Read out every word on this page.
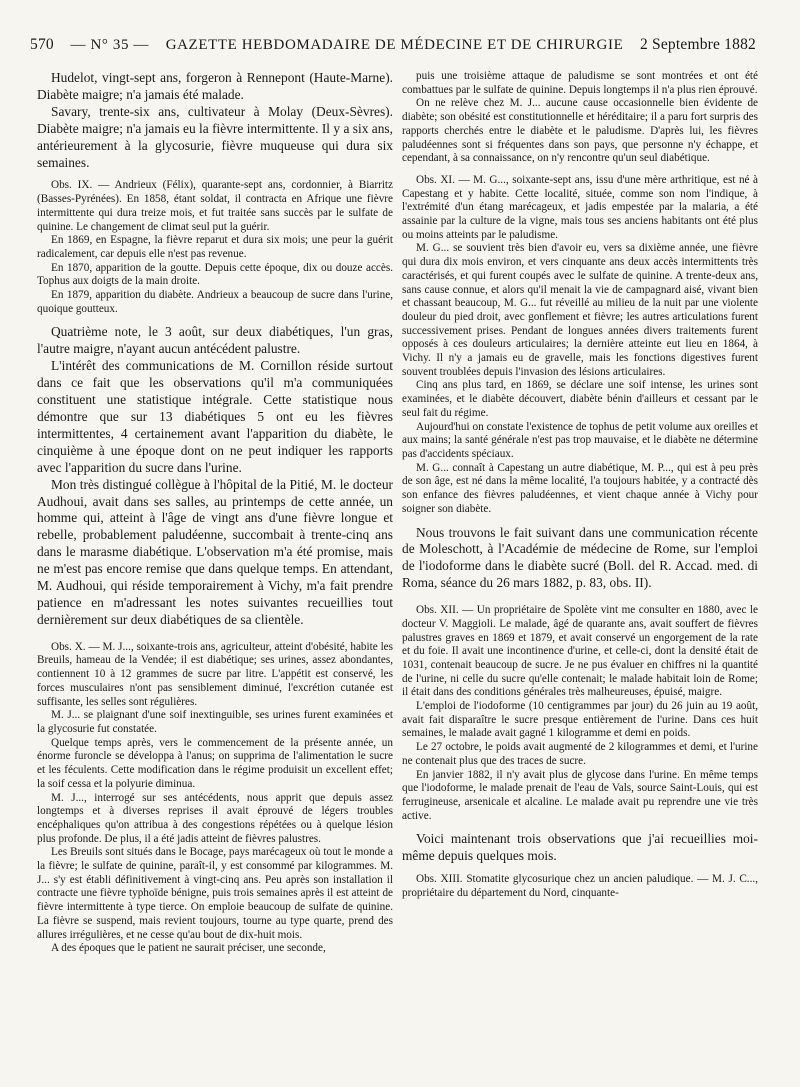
570 — N° 35 — GAZETTE HEBDOMADAIRE DE MÉDECINE ET DE CHIRURGIE 2 Septembre 1882

Hudelot, vingt-sept ans, forgeron à Rennepont (Haute-Marne). Diabète maigre; n'a jamais été malade.

Savary, trente-six ans, cultivateur à Molay (Deux-Sèvres). Diabète maigre; n'a jamais eu la fièvre intermittente. Il y a six ans, antérieurement à la glycosurie, fièvre muqueuse qui dura six semaines.

Obs. IX. — Andrieux (Félix), quarante-sept ans, cordonnier, à Biarritz (Basses-Pyrénées). En 1858, étant soldat, il contracta en Afrique une fièvre intermittente qui dura treize mois, et fut traitée sans succès par le sulfate de quinine. Le changement de climat seul put la guérir.

En 1869, en Espagne, la fièvre reparut et dura six mois; une peur la guérit radicalement, car depuis elle n'est pas revenue.

En 1870, apparition de la goutte. Depuis cette époque, dix ou douze accès. Tophus aux doigts de la main droite.

En 1879, apparition du diabète. Andrieux a beaucoup de sucre dans l'urine, quoique goutteux.

Quatrième note, le 3 août, sur deux diabétiques, l'un gras, l'autre maigre, n'ayant aucun antécédent palustre.

L'intérêt des communications de M. Cornillon réside surtout dans ce fait que les observations qu'il m'a communiquées constituent une statistique intégrale. Cette statistique nous démontre que sur 13 diabétiques 5 ont eu les fièvres intermittentes, 4 certainement avant l'apparition du diabète, le cinquième à une époque dont on ne peut indiquer les rapports avec l'apparition du sucre dans l'urine.

Mon très distingué collègue à l'hôpital de la Pitié, M. le docteur Audhoui, avait dans ses salles, au printemps de cette année, un homme qui, atteint à l'âge de vingt ans d'une fièvre longue et rebelle, probablement paludéenne, succombait à trente-cinq ans dans le marasme diabétique. L'observation m'a été promise, mais ne m'est pas encore remise que dans quelque temps. En attendant, M. Audhoui, qui réside temporairement à Vichy, m'a fait prendre patience en m'adressant les notes suivantes recueillies tout dernièrement sur deux diabétiques de sa clientèle.

Obs. X. — M. J..., soixante-trois ans, agriculteur, atteint d'obésité, habite les Breuils, hameau de la Vendée; il est diabétique; ses urines, assez abondantes, contiennent 10 à 12 grammes de sucre par litre. L'appétit est conservé, les forces musculaires n'ont pas sensiblement diminué, l'excrétion cutanée est suffisante, les selles sont régulières.

M. J... se plaignant d'une soif inextinguible, ses urines furent examinées et la glycosurie fut constatée.

Quelque temps après, vers le commencement de la présente année, un énorme furoncle se développa à l'anus; on supprima de l'alimentation le sucre et les féculents. Cette modification dans le régime produisit un excellent effet; la soif cessa et la polyurie diminua.

M. J..., interrogé sur ses antécédents, nous apprit que depuis assez longtemps et à diverses reprises il avait éprouvé de légers troubles encéphaliques qu'on attribua à des congestions répétées ou à quelque lésion plus profonde. De plus, il a été jadis atteint de fièvres palustres.

Les Breuils sont situés dans le Bocage, pays marécageux où tout le monde a la fièvre; le sulfate de quinine, paraît-il, y est consommé par kilogrammes. M. J... s'y est établi définitivement à vingt-cinq ans. Peu après son installation il contracte une fièvre typhoïde bénigne, puis trois semaines après il est atteint de fièvre intermittente à type tierce. On emploie beaucoup de sulfate de quinine. La fièvre se suspend, mais revient toujours, tourne au type quarte, prend des allures irrégulières, et ne cesse qu'au bout de dix-huit mois.

A des époques que le patient ne saurait préciser, une seconde,

puis une troisième attaque de paludisme se sont montrées et ont été combattues par le sulfate de quinine. Depuis longtemps il n'a plus rien éprouvé.

On ne relève chez M. J... aucune cause occasionnelle bien évidente de diabète; son obésité est constitutionnelle et héréditaire; il a paru fort surpris des rapports cherchés entre le diabète et le paludisme. D'après lui, les fièvres paludéennes sont si fréquentes dans son pays, que personne n'y échappe, et cependant, à sa connaissance, on n'y rencontre qu'un seul diabétique.

Obs. XI. — M. G..., soixante-sept ans, issu d'une mère arthritique, est né à Capestang et y habite. Cette localité, située, comme son nom l'indique, à l'extrémité d'un étang marécageux, et jadis empestée par la malaria, a été assainie par la culture de la vigne, mais tous ses anciens habitants ont été plus ou moins atteints par le paludisme.

M. G... se souvient très bien d'avoir eu, vers sa dixième année, une fièvre qui dura dix mois environ, et vers cinquante ans deux accès intermittents très caractérisés, et qui furent coupés avec le sulfate de quinine. A trente-deux ans, sans cause connue, et alors qu'il menait la vie de campagnard aisé, vivant bien et chassant beaucoup, M. G... fut réveillé au milieu de la nuit par une violente douleur du pied droit, avec gonflement et fièvre; les autres articulations furent successivement prises. Pendant de longues années divers traitements furent opposés à ces douleurs articulaires; la dernière atteinte eut lieu en 1864, à Vichy. Il n'y a jamais eu de gravelle, mais les fonctions digestives furent souvent troublées depuis l'invasion des lésions articulaires.

Cinq ans plus tard, en 1869, se déclare une soif intense, les urines sont examinées, et le diabète découvert, diabète bénin d'ailleurs et cessant par le seul fait du régime.

Aujourd'hui on constate l'existence de tophus de petit volume aux oreilles et aux mains; la santé générale n'est pas trop mauvaise, et le diabète ne détermine pas d'accidents spéciaux.

M. G... connaît à Capestang un autre diabétique, M. P..., qui est à peu près de son âge, est né dans la même localité, l'a toujours habitée, y a contracté dès son enfance des fièvres paludéennes, et vient chaque année à Vichy pour soigner son diabète.

Nous trouvons le fait suivant dans une communication récente de Moleschott, à l'Académie de médecine de Rome, sur l'emploi de l'iodoforme dans le diabète sucré (Boll. del R. Accad. med. di Roma, séance du 26 mars 1882, p. 83, obs. II).

Obs. XII. — Un propriétaire de Spolète vint me consulter en 1880, avec le docteur V. Maggioli. Le malade, âgé de quarante ans, avait souffert de fièvres palustres graves en 1869 et 1879, et avait conservé un engorgement de la rate et du foie. Il avait une incontinence d'urine, et celle-ci, dont la densité était de 1031, contenait beaucoup de sucre. Je ne pus évaluer en chiffres ni la quantité de l'urine, ni celle du sucre qu'elle contenait; le malade habitait loin de Rome; il était dans des conditions générales très malheureuses, épuisé, maigre.

L'emploi de l'iodoforme (10 centigrammes par jour) du 26 juin au 19 août, avait fait disparaître le sucre presque entièrement de l'urine. Dans ces huit semaines, le malade avait gagné 1 kilogramme et demi en poids.

Le 27 octobre, le poids avait augmenté de 2 kilogrammes et demi, et l'urine ne contenait plus que des traces de sucre.

En janvier 1882, il n'y avait plus de glycose dans l'urine. En même temps que l'iodoforme, le malade prenait de l'eau de Vals, source Saint-Louis, qui est ferrugineuse, arsenicale et alcaline. Le malade avait pu reprendre une vie très active.

Voici maintenant trois observations que j'ai recueillies moi-même depuis quelques mois.

Obs. XIII. Stomatite glycosurique chez un ancien paludique. — M. J. C..., propriétaire du département du Nord, cinquante-
